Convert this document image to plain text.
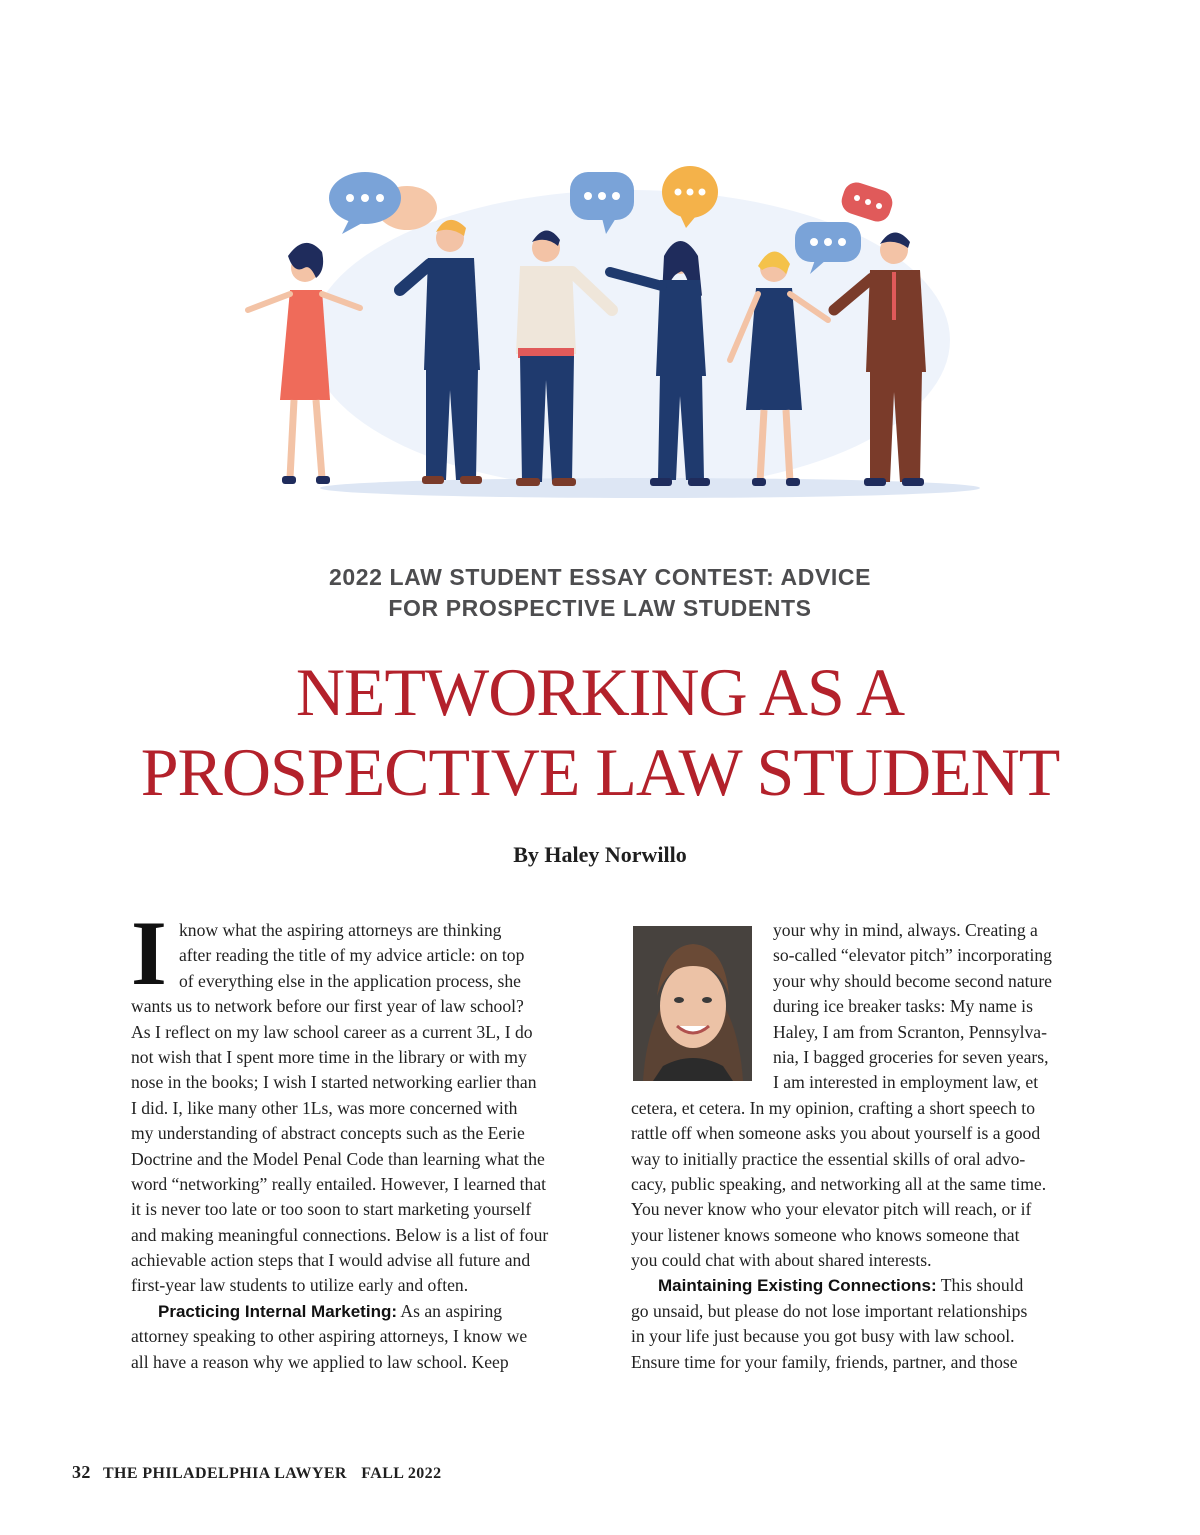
2022 LAW STUDENT ESSAY CONTEST: ADVICE
FOR PROSPECTIVE LAW STUDENTS
NETWORKING AS A
PROSPECTIVE LAW STUDENT
By Haley Norwillo
I know what the aspiring attorneys are thinking
after reading the title of my advice article: on top
of everything else in the application process, she
wants us to network before our first year of law school?
As I reflect on my law school career as a current 3L, I do
not wish that I spent more time in the library or with my
nose in the books; I wish I started networking earlier than
I did. I, like many other 1Ls, was more concerned with
my understanding of abstract concepts such as the Eerie
Doctrine and the Model Penal Code than learning what the
word “networking” really entailed. However, I learned that
it is never too late or too soon to start marketing yourself
and making meaningful connections. Below is a list of four
achievable action steps that I would advise all future and
first-year law students to utilize early and often.
Practicing Internal Marketing: As an aspiring
attorney speaking to other aspiring attorneys, I know we
all have a reason why we applied to law school. Keep
your why in mind, always. Creating a
so-called “elevator pitch” incorporating
your why should become second nature
during ice breaker tasks: My name is
Haley, I am from Scranton, Pennsylva-
nia, I bagged groceries for seven years,
I am interested in employment law, et
cetera, et cetera. In my opinion, crafting a short speech to
rattle off when someone asks you about yourself is a good
way to initially practice the essential skills of oral advo-
cacy, public speaking, and networking all at the same time.
You never know who your elevator pitch will reach, or if
your listener knows someone who knows someone that
you could chat with about shared interests.
Maintaining Existing Connections: This should
go unsaid, but please do not lose important relationships
in your life just because you got busy with law school.
Ensure time for your family, friends, partner, and those
32 THE PHILADELPHIA LAWYER FALL 2022
